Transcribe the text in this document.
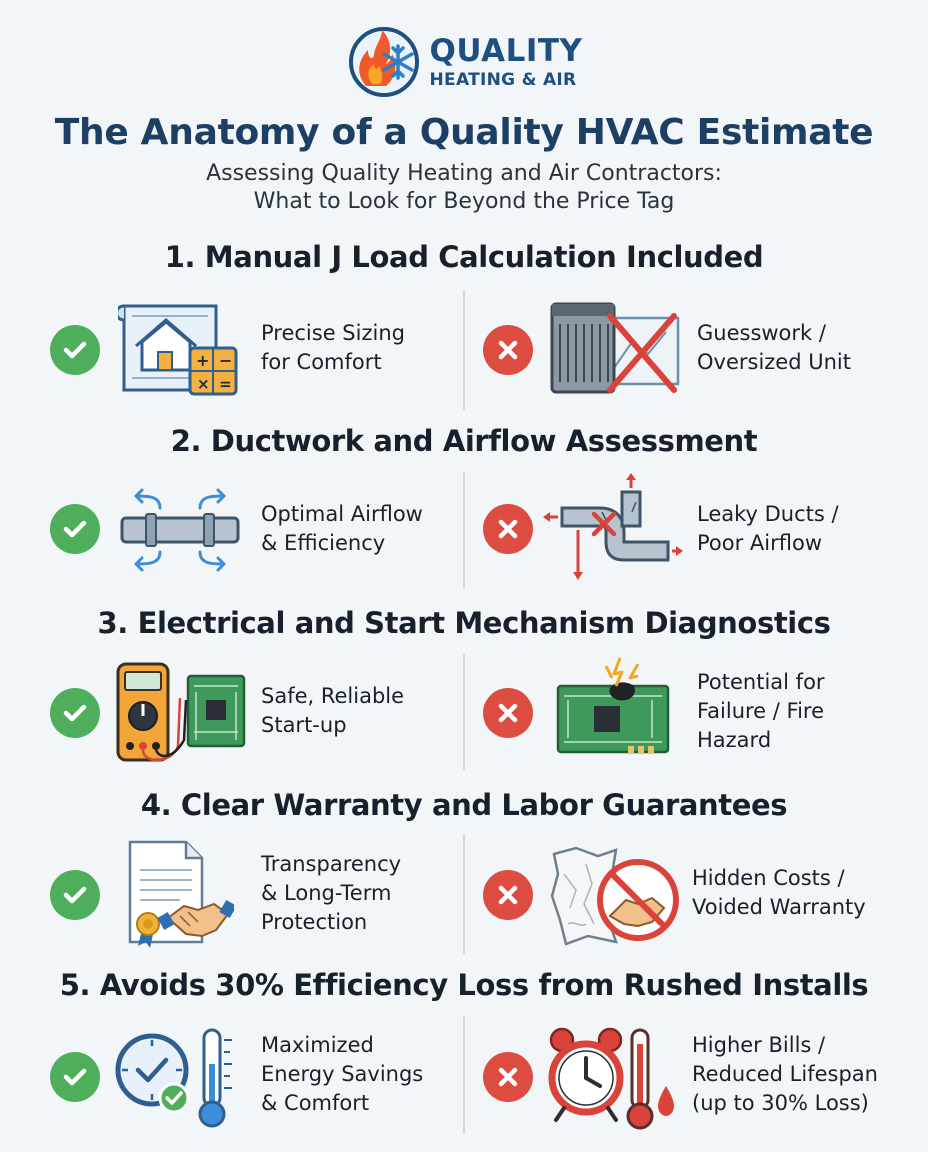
QUALITY
HEATING & AIR
The Anatomy of a Quality HVAC Estimate
Assessing Quality Heating and Air Contractors:
What to Look for Beyond the Price Tag
1. Manual J Load Calculation Included
+ −
× =
Precise Sizing
for Comfort
Guesswork /
Oversized Unit
2. Ductwork and Airflow Assessment
Optimal Airflow
& Efficiency
Leaky Ducts /
Poor Airflow
3. Electrical and Start Mechanism Diagnostics
Safe, Reliable
Start-up
Potential for
Failure / Fire
Hazard
4. Clear Warranty and Labor Guarantees
Transparency
& Long-Term
Protection
Hidden Costs /
Voided Warranty
5. Avoids 30% Efficiency Loss from Rushed Installs
Maximized
Energy Savings
& Comfort
Higher Bills /
Reduced Lifespan
(up to 30% Loss)
